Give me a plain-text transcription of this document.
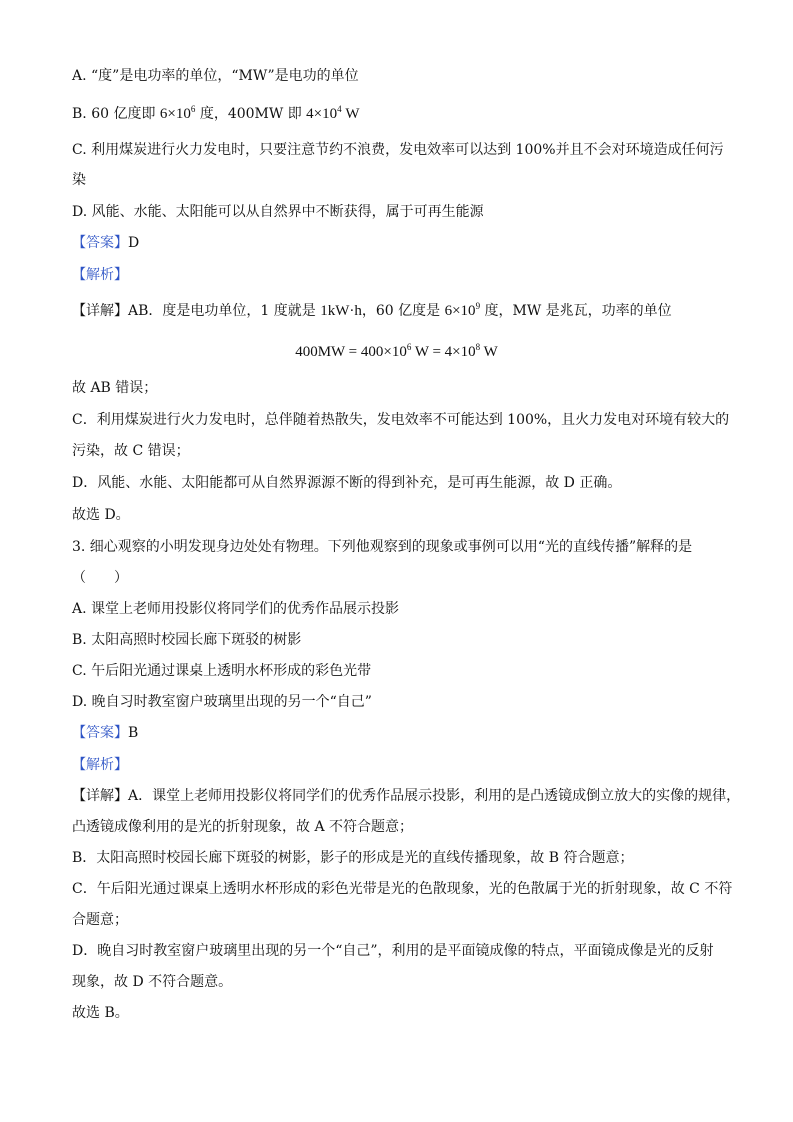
A. “度”是电功率的单位，“MW”是电功的单位
B. 60 亿度即 $6\times 10^6$ 度，400MW 即 $4\times 10^4$ W
C. 利用煤炭进行火力发电时，只要注意节约不浪费，发电效率可以达到 100%并且不会对环境造成任何污
染
D. 风能、水能、太阳能可以从自然界中不断获得，属于可再生能源
【答案】D
【解析】
【详解】AB．度是电功单位，1 度就是 1kW·h，60 亿度是 $6\times 10^9$ 度，MW 是兆瓦，功率的单位
$400MW = 400\times 10^6$ $W = 4\times 10^8$ W
故 AB 错误；
C．利用煤炭进行火力发电时，总伴随着热散失，发电效率不可能达到 100%，且火力发电对环境有较大的
污染，故 C 错误；
D．风能、水能、太阳能都可从自然界源源不断的得到补充，是可再生能源，故 D 正确。
故选 D。
3. 细心观察的小明发现身边处处有物理。下列他观察到的现象或事例可以用“光的直线传播”解释的是
（　　）
A. 课堂上老师用投影仪将同学们的优秀作品展示投影
B. 太阳高照时校园长廊下斑驳的树影
C. 午后阳光通过课桌上透明水杯形成的彩色光带
D. 晚自习时教室窗户玻璃里出现的另一个“自己”
【答案】B
【解析】
【详解】A．课堂上老师用投影仪将同学们的优秀作品展示投影，利用的是凸透镜成倒立放大的实像的规律，
凸透镜成像利用的是光的折射现象，故 A 不符合题意；
B．太阳高照时校园长廊下斑驳的树影，影子的形成是光的直线传播现象，故 B 符合题意；
C．午后阳光通过课桌上透明水杯形成的彩色光带是光的色散现象，光的色散属于光的折射现象，故 C 不符
合题意；
D．晚自习时教室窗户玻璃里出现的另一个“自己”，利用的是平面镜成像的特点，平面镜成像是光的反射
现象，故 D 不符合题意。
故选 B。
